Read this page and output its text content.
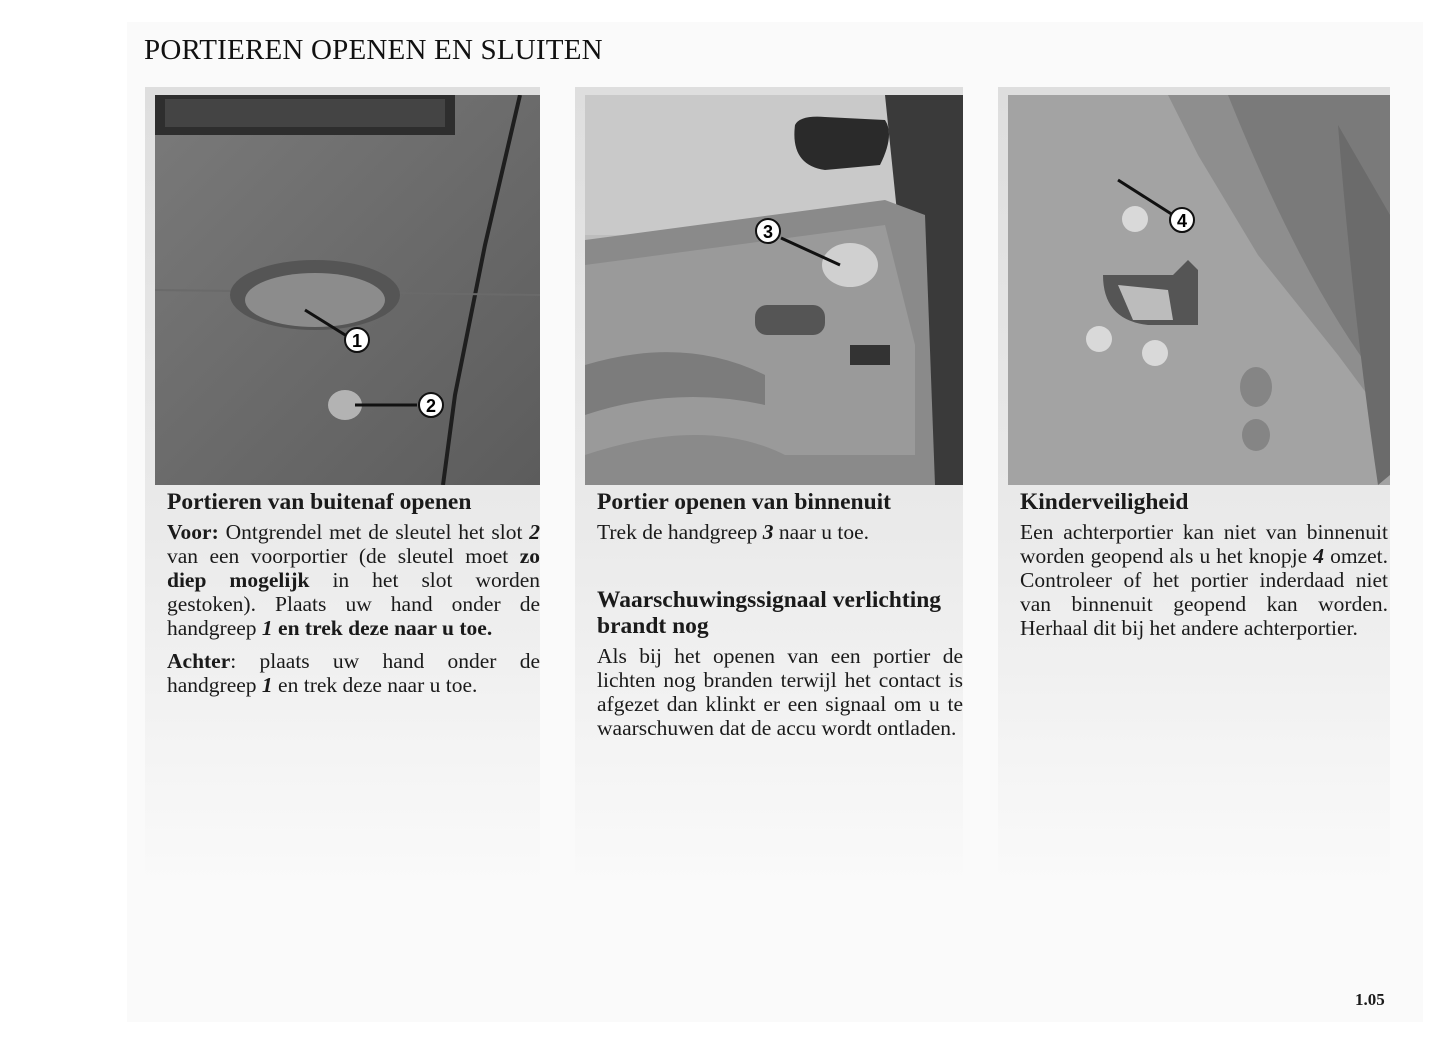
PORTIEREN OPENEN EN SLUITEN
1
2
Portieren van buitenaf openen

Voor: Ontgrendel met de sleutel het slot 2 van een voorportier (de sleutel moet zo diep mogelijk in het slot worden gestoken). Plaats uw hand onder de handgreep 1 en trek deze naar u toe.

Achter: plaats uw hand onder de handgreep 1 en trek deze naar u toe.

3
Portier openen van binnenuit

Trek de handgreep 3 naar u toe.

Waarschuwingssignaal verlichting brandt nog

Als bij het openen van een portier de lichten nog branden terwijl het contact is afgezet dan klinkt er een signaal om u te waarschuwen dat de accu wordt ontladen.

4
Kinderveiligheid

Een achterportier kan niet van binnenuit worden geopend als u het knopje 4 omzet. Controleer of het portier inderdaad niet van binnenuit geopend kan worden. Herhaal dit bij het andere achterportier.

1.05
